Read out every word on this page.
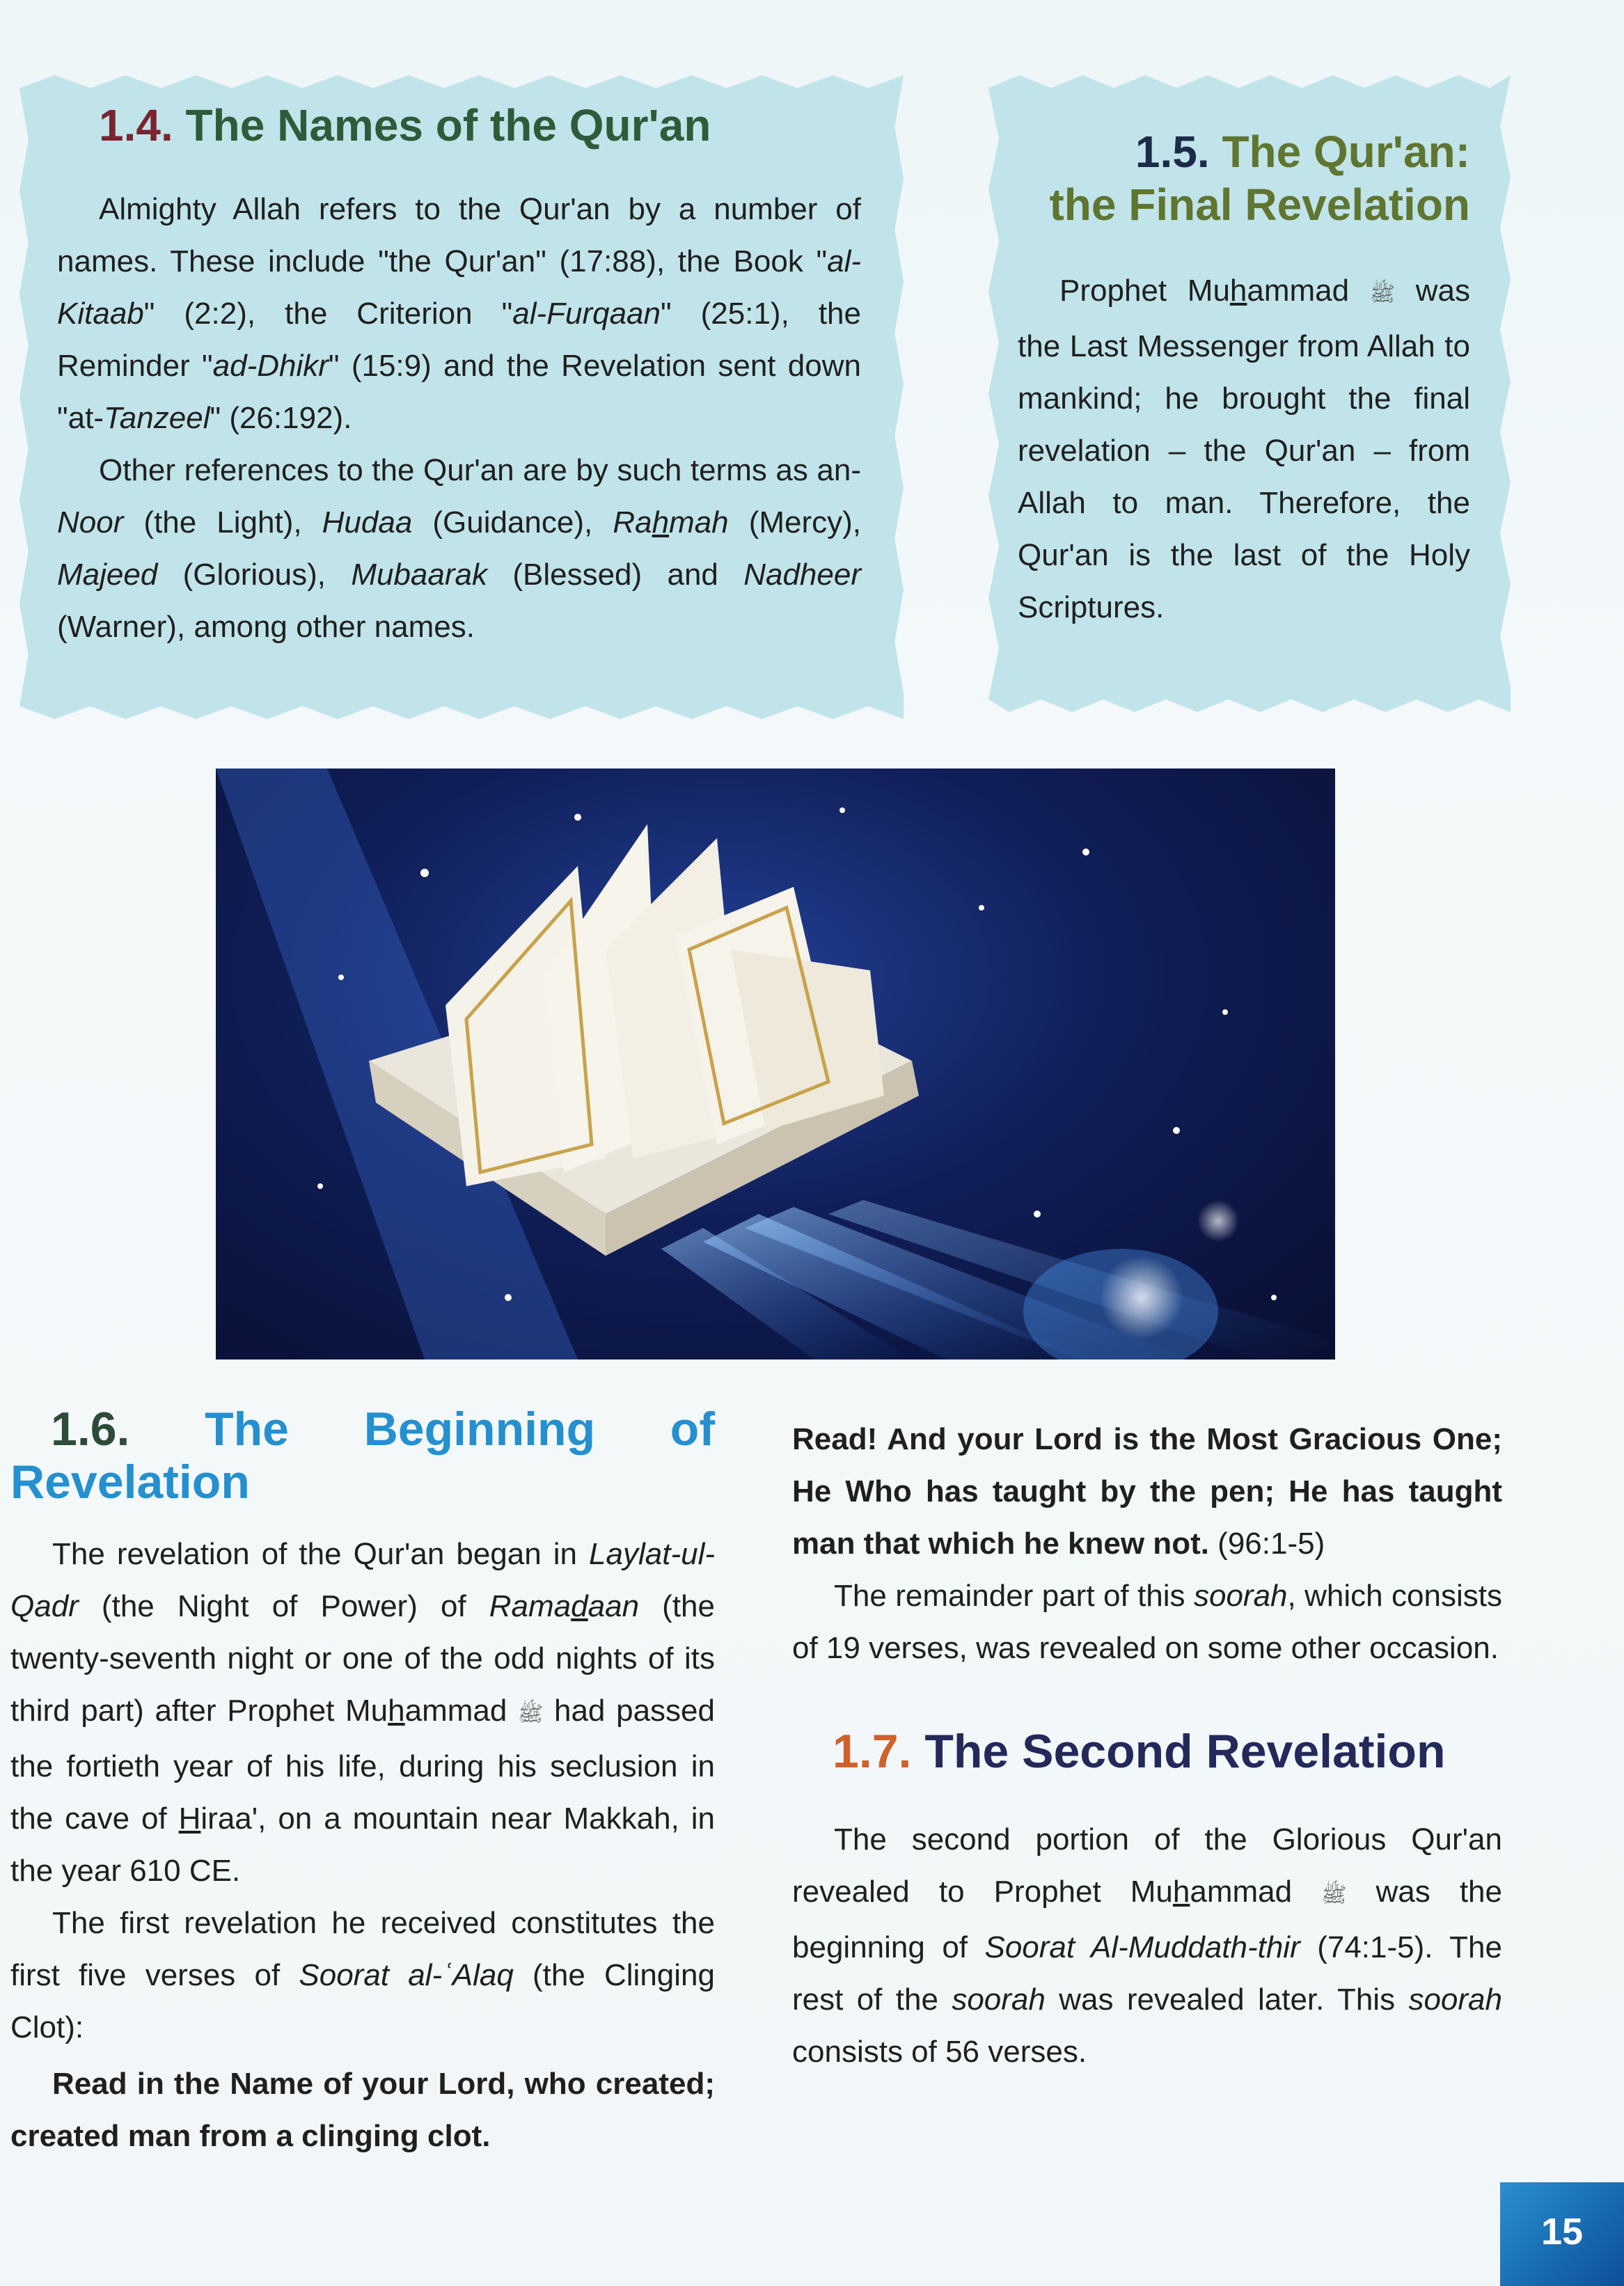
1.4. The Names of the Qur'an

Almighty Allah refers to the Qur'an by a number of names. These include "the Qur'an" (17:88), the Book "al-Kitaab" (2:2), the Criterion "al-Furqaan" (25:1), the Reminder "ad-Dhikr" (15:9) and the Revelation sent down "at-Tanzeel" (26:192).

Other references to the Qur'an are by such terms as an-Noor (the Light), Hudaa (Guidance), Rahmah (Mercy), Majeed (Glorious), Mubaarak (Blessed) and Nadheer (Warner), among other names.

1.5. The Qur'an:
the Final Revelation

Prophet Muhammad ﷺ was the Last Messenger from Allah to mankind; he brought the final revelation – the Qur'an – from Allah to man. Therefore, the Qur'an is the last of the Holy Scriptures.

1.6. The Beginning of
Revelation

The revelation of the Qur'an began in Laylat-ul-Qadr (the Night of Power) of Ramadaan (the twenty-seventh night or one of the odd nights of its third part) after Prophet Muhammad ﷺ had passed the fortieth year of his life, during his seclusion in the cave of Hiraa', on a mountain near Makkah, in the year 610 CE.

The first revelation he received constitutes the first five verses of Soorat al-ʿAlaq (the Clinging Clot):

Read in the Name of your Lord, who created; created man from a clinging clot.

Read! And your Lord is the Most Gracious One; He Who has taught by the pen; He has taught man that which he knew not. (96:1-5)

The remainder part of this soorah, which consists of 19 verses, was revealed on some other occasion.

1.7. The Second Revelation

The second portion of the Glorious Qur'an revealed to Prophet Muhammad ﷺ was the beginning of Soorat Al-Muddath-thir (74:1-5). The rest of the soorah was revealed later. This soorah consists of 56 verses.

15
